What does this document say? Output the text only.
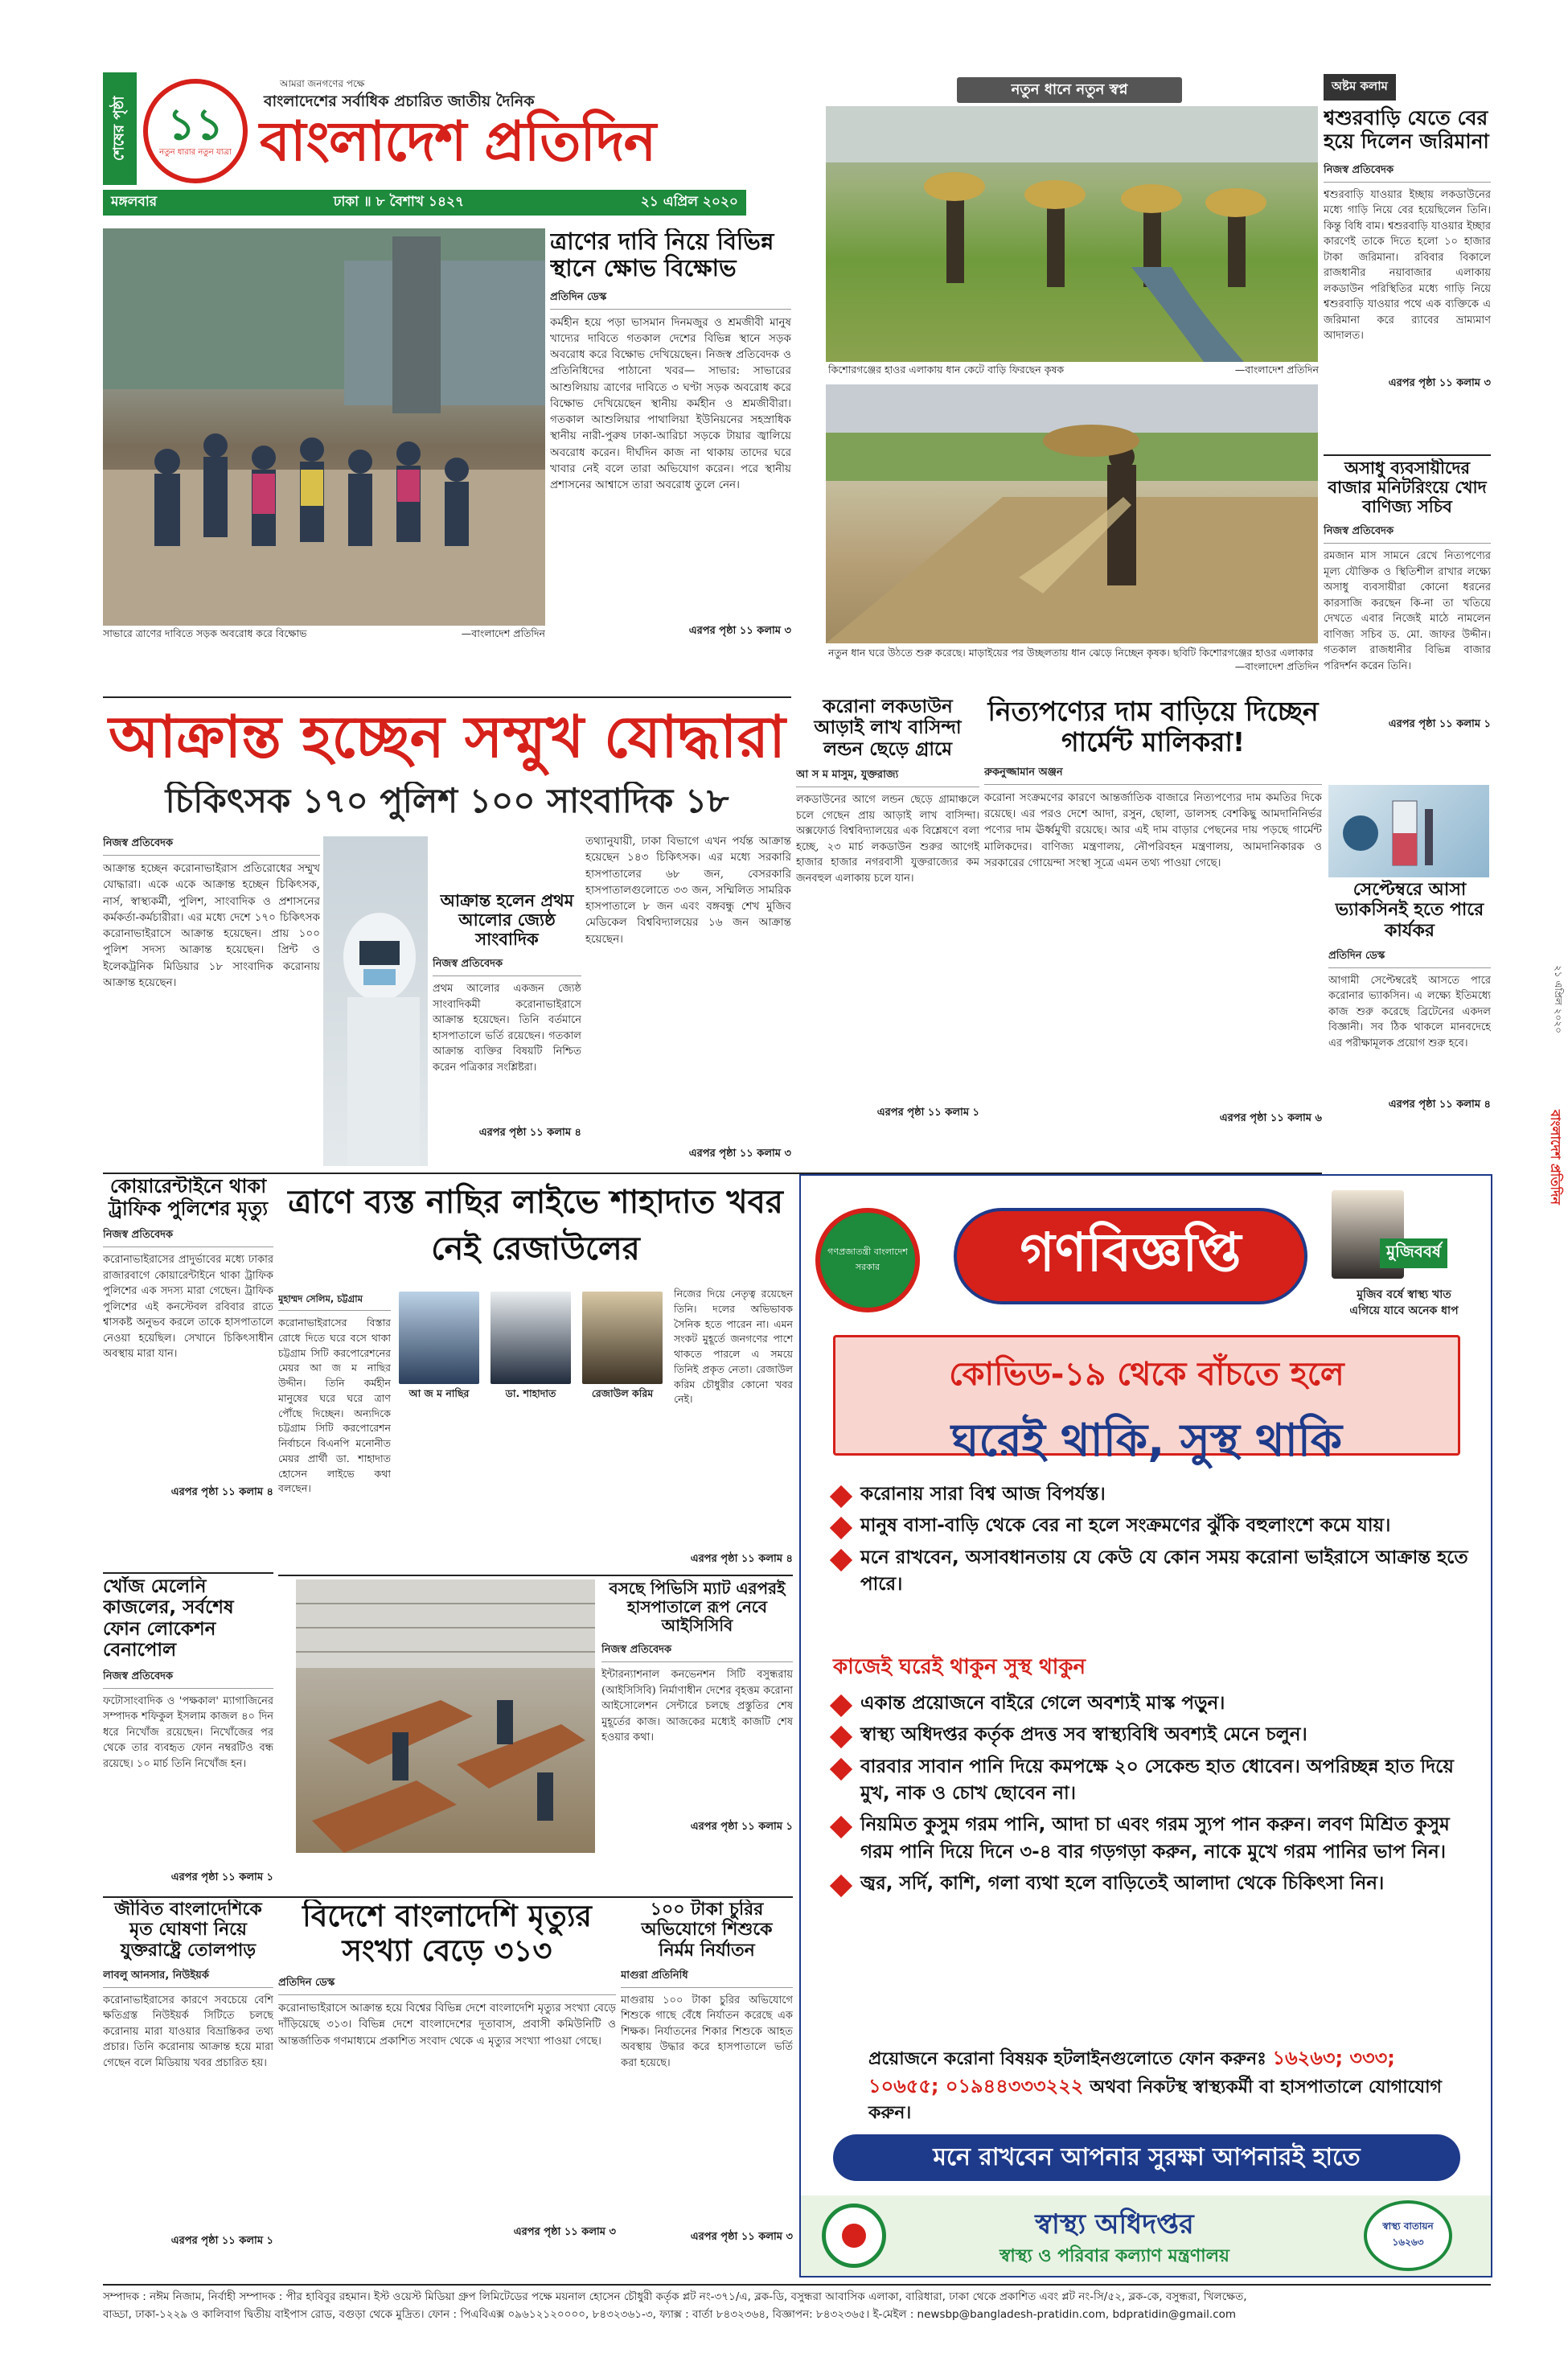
শেষের পৃষ্ঠা ১১
নতুন ধারার নতুন যাত্রা
আমরা জনগণের পক্ষে
বাংলাদেশের সর্বাধিক প্রচারিত জাতীয় দৈনিক
বাংলাদেশ প্রতিদিন
মঙ্গলবার	ঢাকা ॥ ৮ বৈশাখ ১৪২৭	২১ এপ্রিল ২০২০
সাভারে ত্রাণের দাবিতে সড়ক অবরোধ করে বিক্ষোভ	—বাংলাদেশ প্রতিদিন
ত্রাণের দাবি নিয়ে বিভিন্ন স্থানে ক্ষোভ বিক্ষোভ
প্রতিদিন ডেস্ক
কর্মহীন হয়ে পড়া ভাসমান দিনমজুর ও শ্রমজীবী মানুষ খাদ্যের দাবিতে গতকাল দেশের বিভিন্ন স্থানে সড়ক অবরোধ করে বিক্ষোভ দেখিয়েছেন। নিজস্ব প্রতিবেদক ও প্রতিনিধিদের পাঠানো খবর— সাভার: সাভারের আশুলিয়ায় ত্রাণের দাবিতে ৩ ঘণ্টা সড়ক অবরোধ করে বিক্ষোভ দেখিয়েছেন স্থানীয় কর্মহীন ও শ্রমজীবীরা। গতকাল আশুলিয়ার পাথালিয়া ইউনিয়নের সহস্রাধিক স্থানীয় নারী-পুরুষ ঢাকা-আরিচা সড়কে টায়ার জ্বালিয়ে অবরোধ করেন। দীর্ঘদিন কাজ না থাকায় তাদের ঘরে খাবার নেই বলে তারা অভিযোগ করেন। পরে স্থানীয় প্রশাসনের আশ্বাসে তারা অবরোধ তুলে নেন।
এরপর পৃষ্ঠা ১১ কলাম ৩
নতুন ধানে নতুন স্বপ্ন
কিশোরগঞ্জের হাওর এলাকায় ধান কেটে বাড়ি ফিরছেন কৃষক	—বাংলাদেশ প্রতিদিন
নতুন ধান ঘরে উঠতে শুরু করেছে। মাড়াইয়ের পর উচ্ছলতায় ধান ঝেড়ে নিচ্ছেন কৃষক। ছবিটি কিশোরগঞ্জের হাওর এলাকার
—বাংলাদেশ প্রতিদিন
অষ্টম কলাম
শ্বশুরবাড়ি যেতে বের হয়ে দিলেন জরিমানা
নিজস্ব প্রতিবেদক
শ্বশুরবাড়ি যাওয়ার ইচ্ছায় লকডাউনের মধ্যে গাড়ি নিয়ে বের হয়েছিলেন তিনি। কিন্তু বিধি বাম। শ্বশুরবাড়ি যাওয়ার ইচ্ছার কারণেই তাকে দিতে হলো ১০ হাজার টাকা জরিমানা। রবিবার বিকালে রাজধানীর নয়াবাজার এলাকায় লকডাউন পরিস্থিতির মধ্যে গাড়ি নিয়ে শ্বশুরবাড়ি যাওয়ার পথে এক ব্যক্তিকে এ জরিমানা করে র‍্যাবের ভ্রাম্যমাণ আদালত।
এরপর পৃষ্ঠা ১১ কলাম ৩
অসাধু ব্যবসায়ীদের বাজার মনিটরিংয়ে খোদ বাণিজ্য সচিব
নিজস্ব প্রতিবেদক
রমজান মাস সামনে রেখে নিত্যপণ্যের মূল্য যৌক্তিক ও স্থিতিশীল রাখার লক্ষ্যে অসাধু ব্যবসায়ীরা কোনো ধরনের কারসাজি করছেন কি-না তা খতিয়ে দেখতে এবার নিজেই মাঠে নামলেন বাণিজ্য সচিব ড. মো. জাফর উদ্দীন। গতকাল রাজধানীর বিভিন্ন বাজার পরিদর্শন করেন তিনি।
এরপর পৃষ্ঠা ১১ কলাম ১
আক্রান্ত হচ্ছেন সম্মুখ যোদ্ধারা
চিকিৎসক ১৭০ পুলিশ ১০০ সাংবাদিক ১৮
নিজস্ব প্রতিবেদক
আক্রান্ত হচ্ছেন করোনাভাইরাস প্রতিরোধের সম্মুখ যোদ্ধারা। একে একে আক্রান্ত হচ্ছেন চিকিৎসক, নার্স, স্বাস্থ্যকর্মী, পুলিশ, সাংবাদিক ও প্রশাসনের কর্মকর্তা-কর্মচারীরা। এর মধ্যে দেশে ১৭০ চিকিৎসক করোনাভাইরাসে আক্রান্ত হয়েছেন। প্রায় ১০০ পুলিশ সদস্য আক্রান্ত হয়েছেন। প্রিন্ট ও ইলেকট্রনিক মিডিয়ার ১৮ সাংবাদিক করোনায় আক্রান্ত হয়েছেন।
আক্রান্ত হলেন প্রথম আলোর জ্যেষ্ঠ সাংবাদিক
নিজস্ব প্রতিবেদক
প্রথম আলোর একজন জ্যেষ্ঠ সাংবাদিকমী করোনাভাইরাসে আক্রান্ত হয়েছেন। তিনি বর্তমানে হাসপাতালে ভর্তি রয়েছেন। গতকাল আক্রান্ত ব্যক্তির বিষয়টি নিশ্চিত করেন পত্রিকার সংশ্লিষ্টরা।
এরপর পৃষ্ঠা ১১ কলাম ৪
তথ্যানুযায়ী, ঢাকা বিভাগে এখন পর্যন্ত আক্রান্ত হয়েছেন ১৪৩ চিকিৎসক। এর মধ্যে সরকারি হাসপাতালের ৬৮ জন, বেসরকারি হাসপাতালগুলোতে ৩৩ জন, সম্মিলিত সামরিক হাসপাতালে ৮ জন এবং বঙ্গবন্ধু শেখ মুজিব মেডিকেল বিশ্ববিদ্যালয়ের ১৬ জন আক্রান্ত হয়েছেন।
এরপর পৃষ্ঠা ১১ কলাম ৩
করোনা লকডাউন আড়াই লাখ বাসিন্দা লন্ডন ছেড়ে গ্রামে
আ স ম মাসুম, যুক্তরাজ্য
লকডাউনের আগে লন্ডন ছেড়ে গ্রামাঞ্চলে চলে গেছেন প্রায় আড়াই লাখ বাসিন্দা। অক্সফোর্ড বিশ্ববিদ্যালয়ের এক বিশ্লেষণে বলা হচ্ছে, ২৩ মার্চ লকডাউন শুরুর আগেই হাজার হাজার নগরবাসী যুক্তরাজ্যের কম জনবহুল এলাকায় চলে যান।
এরপর পৃষ্ঠা ১১ কলাম ১
নিত্যপণ্যের দাম বাড়িয়ে দিচ্ছেন গার্মেন্ট মালিকরা!
রুকনুজ্জামান অঞ্জন
করোনা সংক্রমণের কারণে আন্তর্জাতিক বাজারে নিত্যপণ্যের দাম কমতির দিকে রয়েছে। এর পরও দেশে আদা, রসুন, ছোলা, ডালসহ বেশকিছু আমদানিনির্ভর পণ্যের দাম ঊর্ধ্বমুখী রয়েছে। আর এই দাম বাড়ার পেছনের দায় পড়ছে গার্মেন্ট মালিকদের। বাণিজ্য মন্ত্রণালয়, নৌপরিবহন মন্ত্রণালয়, আমদানিকারক ও সরকারের গোয়েন্দা সংস্থা সূত্রে এমন তথ্য পাওয়া গেছে।
এরপর পৃষ্ঠা ১১ কলাম ৬
সেপ্টেম্বরে আসা ভ্যাকসিনই হতে পারে কার্যকর
প্রতিদিন ডেস্ক
আগামী সেপ্টেম্বরেই আসতে পারে করোনার ভ্যাকসিন। এ লক্ষ্যে ইতিমধ্যে কাজ শুরু করেছে ব্রিটেনের একদল বিজ্ঞানী। সব ঠিক থাকলে মানবদেহে এর পরীক্ষামূলক প্রয়োগ শুরু হবে।
এরপর পৃষ্ঠা ১১ কলাম ৪
কোয়ারেন্টাইনে থাকা ট্রাফিক পুলিশের মৃত্যু
নিজস্ব প্রতিবেদক
করোনাভাইরাসের প্রাদুর্ভাবের মধ্যে ঢাকার রাজারবাগে কোয়ারেন্টাইনে থাকা ট্রাফিক পুলিশের এক সদস্য মারা গেছেন। ট্রাফিক পুলিশের এই কনস্টেবল রবিবার রাতে শ্বাসকষ্ট অনুভব করলে তাকে হাসপাতালে নেওয়া হয়েছিল। সেখানে চিকিৎসাধীন অবস্থায় মারা যান।
এরপর পৃষ্ঠা ১১ কলাম ৪
ত্রাণে ব্যস্ত নাছির লাইভে শাহাদাত খবর নেই রেজাউলের
মুহাম্মদ সেলিম, চট্টগ্রাম
করোনাভাইরাসের বিস্তার রোধে দিতে ঘরে বসে থাকা চট্টগ্রাম সিটি করপোরেশনের মেয়র আ জ ম নাছির উদ্দীন। তিনি কর্মহীন মানুষের ঘরে ঘরে ত্রাণ পৌঁছে দিচ্ছেন। অন্যদিকে চট্টগ্রাম সিটি করপোরেশন নির্বাচনে বিএনপি মনোনীত মেয়র প্রার্থী ডা. শাহাদাত হোসেন লাইভে কথা বলছেন।
আ জ ম নাছির	ডা. শাহাদাত	রেজাউল করিম
নিজের দিয়ে নেতৃত্ব রয়েছেন তিনি। দলের অভিভাবক সৈনিক হতে পারেন না। এমন সংকট মুহূর্তে জনগণের পাশে থাকতে পারলে এ সময়ে তিনিই প্রকৃত নেতা। রেজাউল করিম চৌধুরীর কোনো খবর নেই।
এরপর পৃষ্ঠা ১১ কলাম ৪
খোঁজ মেলেনি কাজলের, সর্বশেষ ফোন লোকেশন বেনাপোল
নিজস্ব প্রতিবেদক
ফটোসাংবাদিক ও 'পক্ষকাল' ম্যাগাজিনের সম্পাদক শফিকুল ইসলাম কাজল ৪০ দিন ধরে নিখোঁজ রয়েছেন। নিখোঁজের পর থেকে তার ব্যবহৃত ফোন নম্বরটিও বন্ধ রয়েছে। ১০ মার্চ তিনি নিখোঁজ হন।
এরপর পৃষ্ঠা ১১ কলাম ১
বসছে পিভিসি ম্যাট এরপরই হাসপাতালে রূপ নেবে আইসিসিবি
নিজস্ব প্রতিবেদক
ইন্টারন্যাশনাল কনভেনশন সিটি বসুন্ধরায় (আইসিসিবি) নির্মাণাধীন দেশের বৃহত্তম করোনা আইসোলেশন সেন্টারে চলছে প্রস্তুতির শেষ মুহূর্তের কাজ। আজকের মধ্যেই কাজটি শেষ হওয়ার কথা।
এরপর পৃষ্ঠা ১১ কলাম ১
জীবিত বাংলাদেশিকে মৃত ঘোষণা নিয়ে যুক্তরাষ্ট্রে তোলপাড়
লাবলু আনসার, নিউইয়র্ক
করোনাভাইরাসের কারণে সবচেয়ে বেশি ক্ষতিগ্রস্ত নিউইয়র্ক সিটিতে চলছে করোনায় মারা যাওয়ার বিভ্রান্তিকর তথ্য প্রচার। তিনি করোনায় আক্রান্ত হয়ে মারা গেছেন বলে মিডিয়ায় খবর প্রচারিত হয়।
এরপর পৃষ্ঠা ১১ কলাম ১
বিদেশে বাংলাদেশি মৃত্যুর সংখ্যা বেড়ে ৩১৩
প্রতিদিন ডেস্ক
করোনাভাইরাসে আক্রান্ত হয়ে বিশ্বের বিভিন্ন দেশে বাংলাদেশি মৃত্যুর সংখ্যা বেড়ে দাঁড়িয়েছে ৩১৩। বিভিন্ন দেশে বাংলাদেশের দূতাবাস, প্রবাসী কমিউনিটি ও আন্তর্জাতিক গণমাধ্যমে প্রকাশিত সংবাদ থেকে এ মৃত্যুর সংখ্যা পাওয়া গেছে।
এরপর পৃষ্ঠা ১১ কলাম ৩
১০০ টাকা চুরির অভিযোগে শিশুকে নির্মম নির্যাতন
মাগুরা প্রতিনিধি
মাগুরায় ১০০ টাকা চুরির অভিযোগে শিশুকে গাছে বেঁধে নির্যাতন করেছে এক শিক্ষক। নির্যাতনের শিকার শিশুকে আহত অবস্থায় উদ্ধার করে হাসপাতালে ভর্তি করা হয়েছে।
এরপর পৃষ্ঠা ১১ কলাম ৩
গণপ্রজাতন্ত্রী বাংলাদেশ সরকার	গণবিজ্ঞপ্তি	মুজিববর্ষ
মুজিব বর্ষে স্বাস্থ্য খাত
এগিয়ে যাবে অনেক ধাপ
কোভিড-১৯ থেকে বাঁচতে হলে
ঘরেই থাকি, সুস্থ থাকি
করোনায় সারা বিশ্ব আজ বিপর্যস্ত।
মানুষ বাসা-বাড়ি থেকে বের না হলে সংক্রমণের ঝুঁকি বহুলাংশে কমে যায়।
মনে রাখবেন, অসাবধানতায় যে কেউ যে কোন সময় করোনা ভাইরাসে আক্রান্ত হতে পারে।
কাজেই ঘরেই থাকুন সুস্থ থাকুন
একান্ত প্রয়োজনে বাইরে গেলে অবশ্যই মাস্ক পড়ুন।
স্বাস্থ্য অধিদপ্তর কর্তৃক প্রদত্ত সব স্বাস্থ্যবিধি অবশ্যই মেনে চলুন।
বারবার সাবান পানি দিয়ে কমপক্ষে ২০ সেকেন্ড হাত ধোবেন। অপরিচ্ছন্ন হাত দিয়ে মুখ, নাক ও চোখ ছোবেন না।
নিয়মিত কুসুম গরম পানি, আদা চা এবং গরম স্যুপ পান করুন। লবণ মিশ্রিত কুসুম গরম পানি দিয়ে দিনে ৩-৪ বার গড়গড়া করুন, নাকে মুখে গরম পানির ভাপ নিন।
জ্বর, সর্দি, কাশি, গলা ব্যথা হলে বাড়িতেই আলাদা থেকে চিকিৎসা নিন।
প্রয়োজনে করোনা বিষয়ক হটলাইনগুলোতে ফোন করুনঃ ১৬২৬৩; ৩৩৩; ১০৬৫৫; ০১৯৪৪৩৩৩২২২ অথবা নিকটস্থ স্বাস্থ্যকর্মী বা হাসপাতালে যোগাযোগ করুন।
মনে রাখবেন আপনার সুরক্ষা আপনারই হাতে
স্বাস্থ্য অধিদপ্তর
স্বাস্থ্য ও পরিবার কল্যাণ মন্ত্রণালয়
স্বাস্থ্য বাতায়ন ১৬২৬৩
সম্পাদক : নঈম নিজাম, নির্বাহী সম্পাদক : পীর হাবিবুর রহমান। ইস্ট ওয়েস্ট মিডিয়া গ্রুপ লিমিটেডের পক্ষে ময়নাল হোসেন চৌধুরী কর্তৃক প্লট নং-৩৭১/এ, ব্লক-ডি, বসুন্ধরা আবাসিক এলাকা, বারিধারা, ঢাকা থেকে প্রকাশিত এবং প্লট নং-সি/৫২, ব্লক-কে, বসুন্ধরা, খিলক্ষেত,
বাড্ডা, ঢাকা-১২২৯ ও কালিবাগ দ্বিতীয় বাইপাস রোড, বগুড়া থেকে মুদ্রিত। ফোন : পিএবিএক্স ০৯৬১২১২০০০০, ৮৪৩২৩৬১-৩, ফ্যাক্স : বার্তা ৮৪৩২৩৬৪, বিজ্ঞাপন: ৮৪৩২৩৬৫। ই-মেইল : newsbp@bangladesh-pratidin.com, bdpratidin@gmail.com
বাংলাদেশ প্রতিদিন
২১ এপ্রিল ২০২০
